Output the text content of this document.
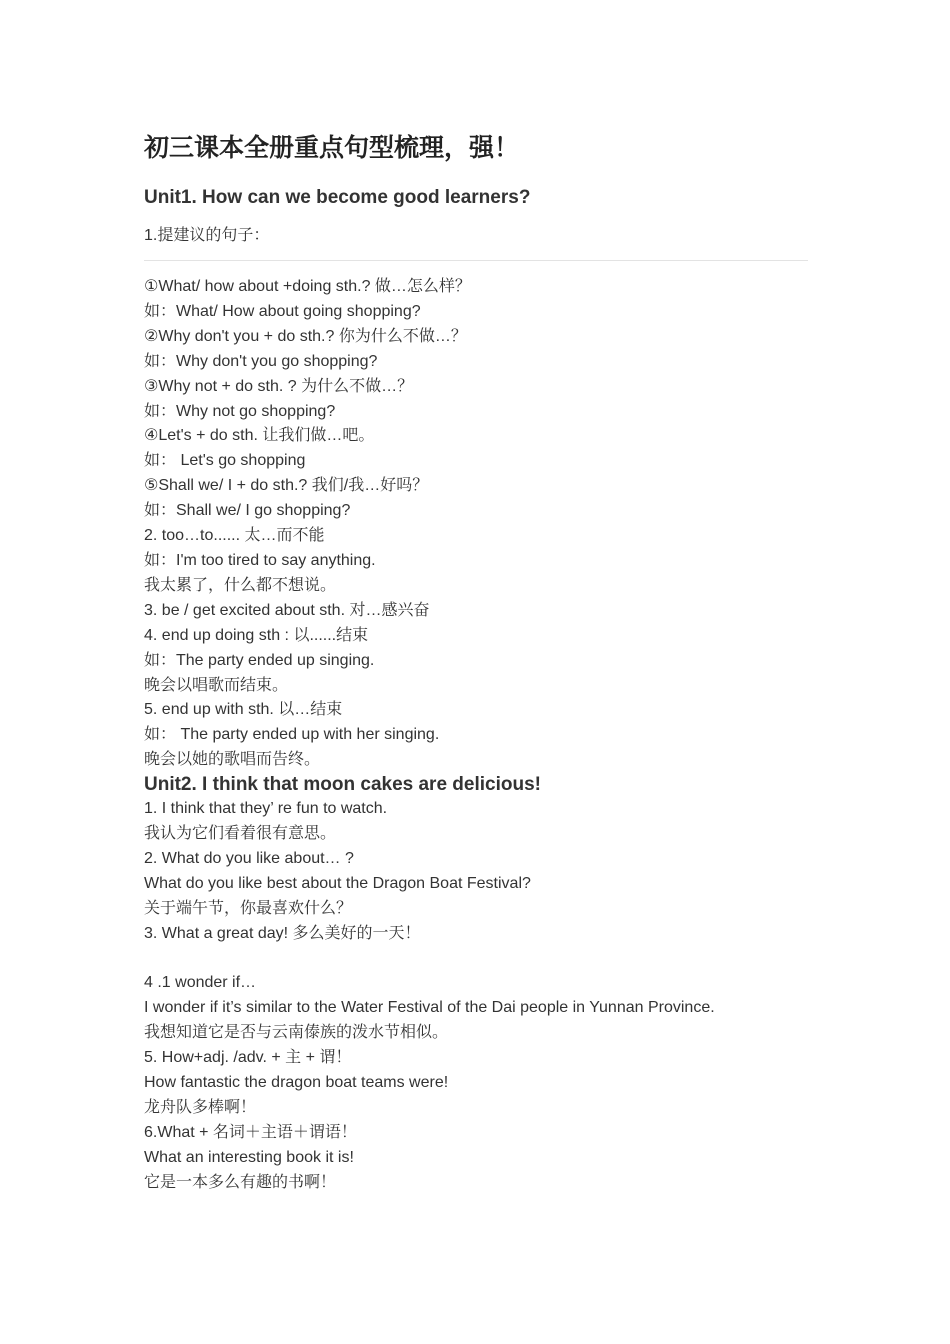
初三课本全册重点句型梳理，强！
Unit1. How can we become good learners?

1.提建议的句子：

①What/ how about +doing sth.? 做…怎么样？
如：What/ How about going shopping?
②Why don't you + do sth.? 你为什么不做…？
如：Why don't you go shopping?
③Why not + do sth. ? 为什么不做…？
如：Why not go shopping?
④Let's + do sth. 让我们做…吧。
如： Let's go shopping
⑤Shall we/ I + do sth.? 我们/我…好吗？
如：Shall we/ I go shopping?
2. too…to...... 太…而不能
如：I'm too tired to say anything.
我太累了，什么都不想说。
3. be / get excited about sth. 对…感兴奋
4. end up doing sth : 以......结束
如：The party ended up singing.
晚会以唱歌而结束。
5. end up with sth. 以…结束
如： The party ended up with her singing.
晚会以她的歌唱而告终。
Unit2. I think that moon cakes are delicious!
1. I think that they’ re fun to watch.
我认为它们看着很有意思。
2. What do you like about… ?
What do you like best about the Dragon Boat Festival?
关于端午节，你最喜欢什么？
3. What a great day! 多么美好的一天！
4 .1 wonder if…
I wonder if it’s similar to the Water Festival of the Dai people in Yunnan Province.
我想知道它是否与云南傣族的泼水节相似。
5. How+adj. /adv. + 主 + 谓！
How fantastic the dragon boat teams were!
龙舟队多棒啊！
6.What + 名词＋主语＋谓语！
What an interesting book it is!
它是一本多么有趣的书啊！
